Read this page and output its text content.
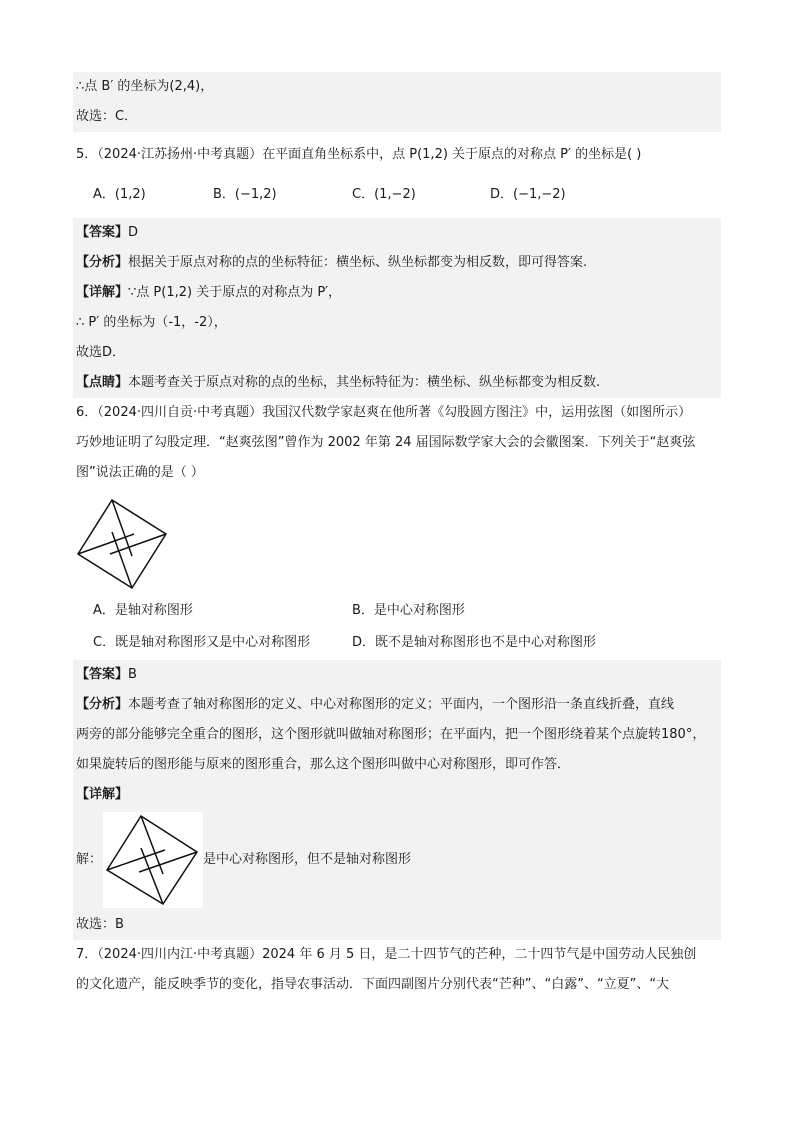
∴点 B′ 的坐标为(2,4)，
故选：C．
5．（2024·江苏扬州·中考真题）在平面直角坐标系中，点 P(1,2) 关于原点的对称点 P′ 的坐标是( )
A．(1,2)	B．(−1,2)	C．(1,−2)	D．(−1,−2)
【答案】D
【分析】根据关于原点对称的点的坐标特征：横坐标、纵坐标都变为相反数，即可得答案.
【详解】∵点 P(1,2) 关于原点的对称点为 P′，
∴ P′ 的坐标为（-1，-2），
故选D．
【点睛】本题考查关于原点对称的点的坐标，其坐标特征为：横坐标、纵坐标都变为相反数.
6．（2024·四川自贡·中考真题）我国汉代数学家赵爽在他所著《勾股圆方图注》中，运用弦图（如图所示）
巧妙地证明了勾股定理．“赵爽弦图”曾作为 2002 年第 24 届国际数学家大会的会徽图案．下列关于“赵爽弦
图”说法正确的是（ ）
A．是轴对称图形	B．是中心对称图形
C．既是轴对称图形又是中心对称图形	D．既不是轴对称图形也不是中心对称图形
【答案】B
【分析】本题考查了轴对称图形的定义、中心对称图形的定义；平面内，一个图形沿一条直线折叠，直线
两旁的部分能够完全重合的图形，这个图形就叫做轴对称图形；在平面内，把一个图形绕着某个点旋转180°，
如果旋转后的图形能与原来的图形重合，那么这个图形叫做中心对称图形，即可作答．
【详解】
解：	是中心对称图形，但不是轴对称图形
故选：B
7．（2024·四川内江·中考真题）2024 年 6 月 5 日，是二十四节气的芒种，二十四节气是中国劳动人民独创
的文化遗产，能反映季节的变化，指导农事活动．下面四副图片分别代表“芒种”、“白露”、“立夏”、“大
